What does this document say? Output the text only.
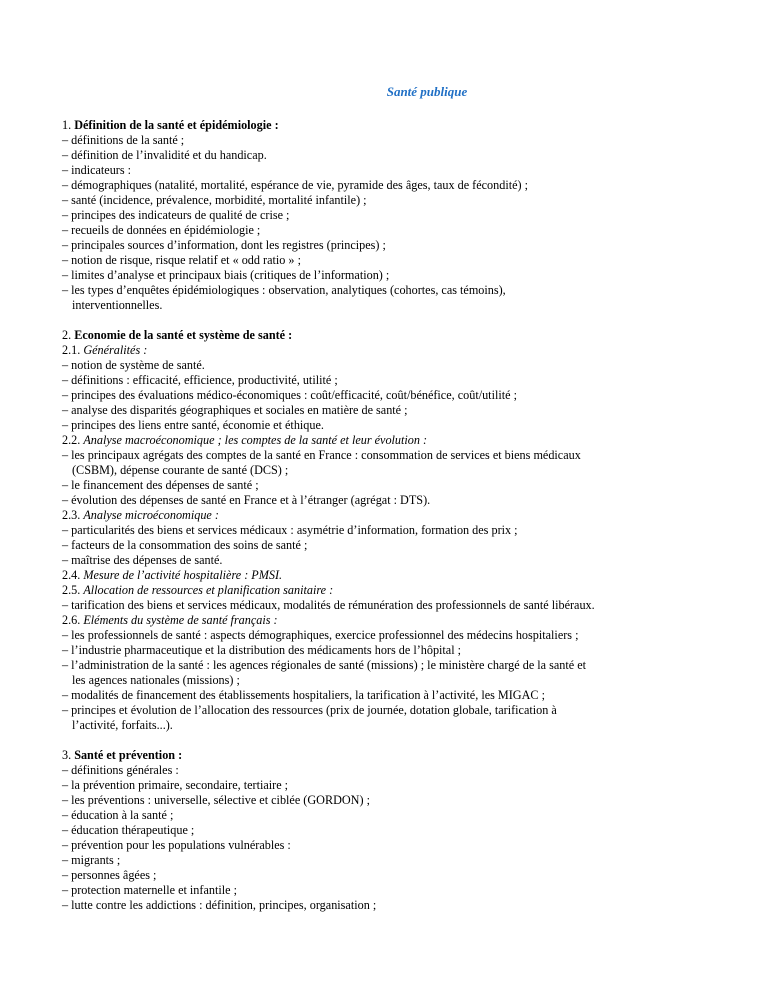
Santé publique
1. Définition de la santé et épidémiologie :
– définitions de la santé ;
– définition de l’invalidité et du handicap.
– indicateurs :
– démographiques (natalité, mortalité, espérance de vie, pyramide des âges, taux de fécondité) ;
– santé (incidence, prévalence, morbidité, mortalité infantile) ;
– principes des indicateurs de qualité de crise ;
– recueils de données en épidémiologie ;
– principales sources d’information, dont les registres (principes) ;
– notion de risque, risque relatif et « odd ratio » ;
– limites d’analyse et principaux biais (critiques de l’information) ;
– les types d’enquêtes épidémiologiques : observation, analytiques (cohortes, cas témoins),
interventionnelles.
2. Economie de la santé et système de santé :
2.1. Généralités :
– notion de système de santé.
– définitions : efficacité, efficience, productivité, utilité ;
– principes des évaluations médico-économiques : coût/efficacité, coût/bénéfice, coût/utilité ;
– analyse des disparités géographiques et sociales en matière de santé ;
– principes des liens entre santé, économie et éthique.
2.2. Analyse macroéconomique ; les comptes de la santé et leur évolution :
– les principaux agrégats des comptes de la santé en France : consommation de services et biens médicaux
(CSBM), dépense courante de santé (DCS) ;
– le financement des dépenses de santé ;
– évolution des dépenses de santé en France et à l’étranger (agrégat : DTS).
2.3. Analyse microéconomique :
– particularités des biens et services médicaux : asymétrie d’information, formation des prix ;
– facteurs de la consommation des soins de santé ;
– maîtrise des dépenses de santé.
2.4. Mesure de l’activité hospitalière : PMSI.
2.5. Allocation de ressources et planification sanitaire :
– tarification des biens et services médicaux, modalités de rémunération des professionnels de santé libéraux.
2.6. Eléments du système de santé français :
– les professionnels de santé : aspects démographiques, exercice professionnel des médecins hospitaliers ;
– l’industrie pharmaceutique et la distribution des médicaments hors de l’hôpital ;
– l’administration de la santé : les agences régionales de santé (missions) ; le ministère chargé de la santé et
les agences nationales (missions) ;
– modalités de financement des établissements hospitaliers, la tarification à l’activité, les MIGAC ;
– principes et évolution de l’allocation des ressources (prix de journée, dotation globale, tarification à
l’activité, forfaits...).
3. Santé et prévention :
– définitions générales :
– la prévention primaire, secondaire, tertiaire ;
– les préventions : universelle, sélective et ciblée (GORDON) ;
– éducation à la santé ;
– éducation thérapeutique ;
– prévention pour les populations vulnérables :
– migrants ;
– personnes âgées ;
– protection maternelle et infantile ;
– lutte contre les addictions : définition, principes, organisation ;
